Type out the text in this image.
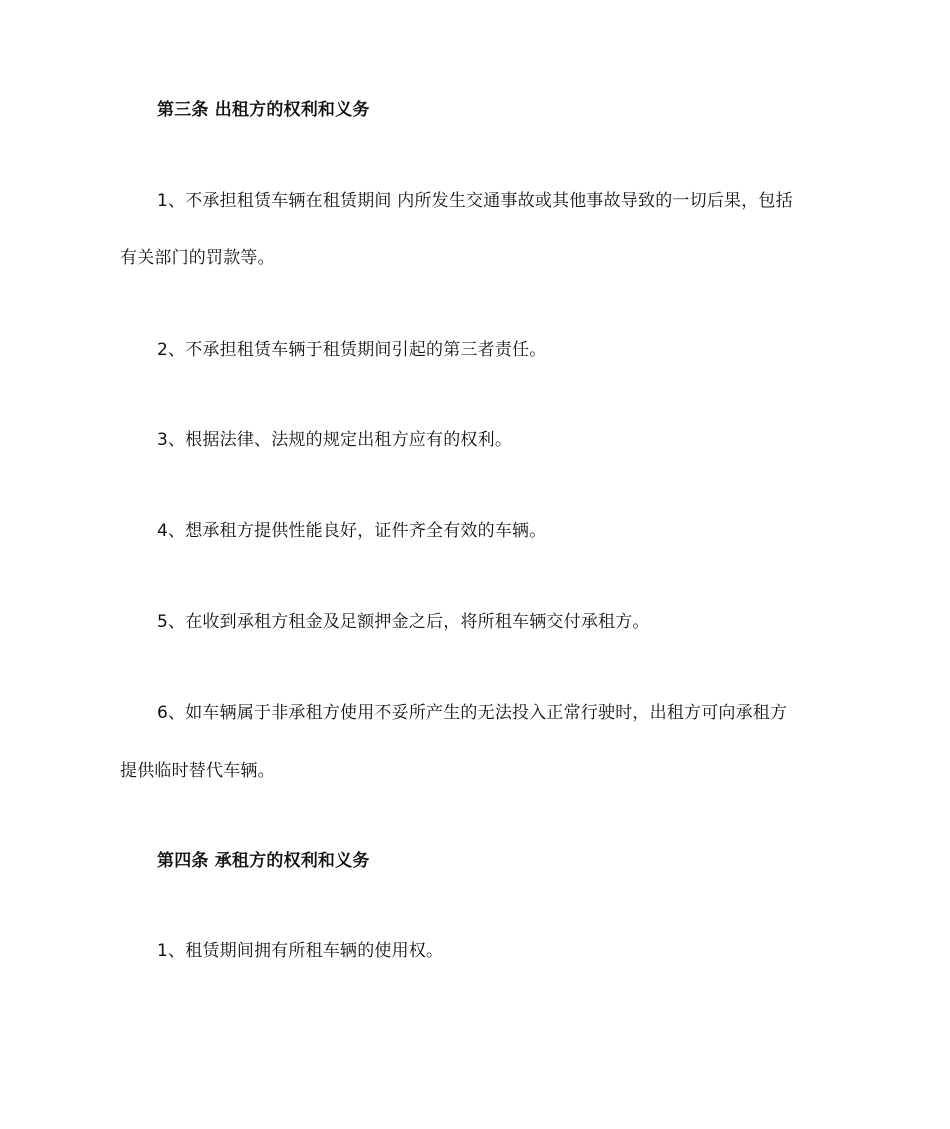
第三条 出租方的权利和义务
1、不承担租赁车辆在租赁期间 内所发生交通事故或其他事故导致的一切后果，包括
有关部门的罚款等。
2、不承担租赁车辆于租赁期间引起的第三者责任。
3、根据法律、法规的规定出租方应有的权利。
4、想承租方提供性能良好，证件齐全有效的车辆。
5、在收到承租方租金及足额押金之后，将所租车辆交付承租方。
6、如车辆属于非承租方使用不妥所产生的无法投入正常行驶时，出租方可向承租方
提供临时替代车辆。
第四条 承租方的权利和义务
1、租赁期间拥有所租车辆的使用权。
